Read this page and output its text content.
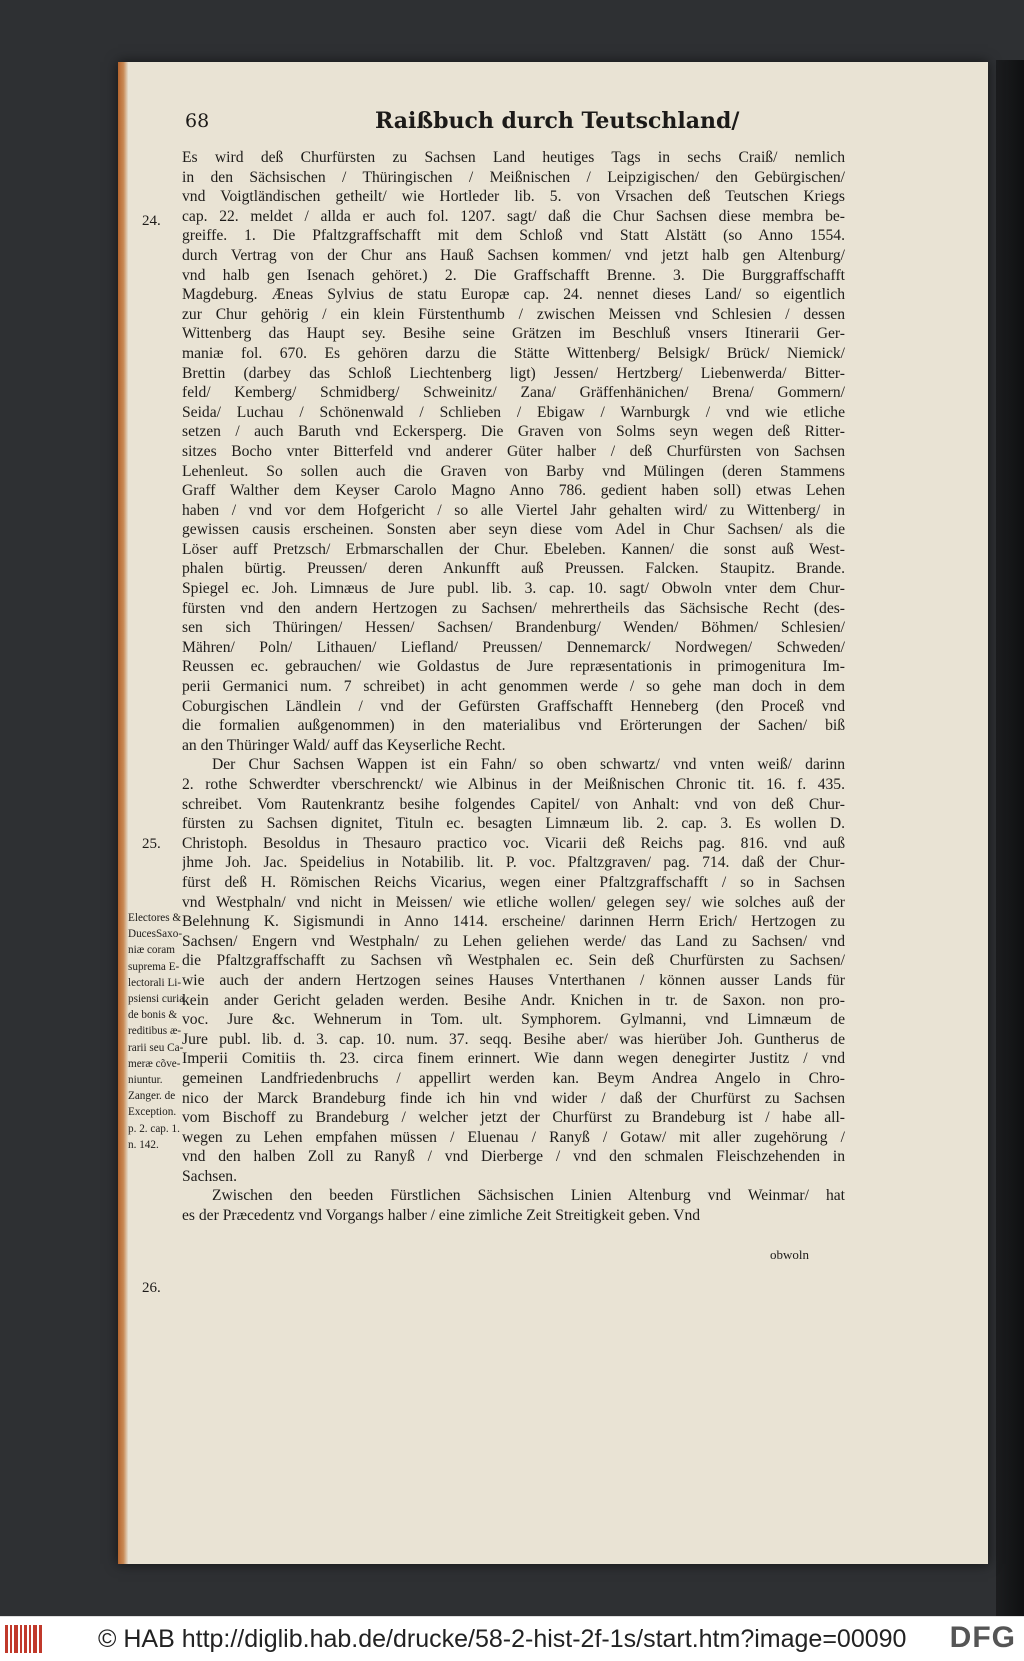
68	Raißbuch durch Teutschland/
24.
25.
26.
Es wird deß Churfürsten zu Sachsen Land heutiges Tags in sechs Craiß/ nemlich
in den Sächsischen / Thüringischen / Meißnischen / Leipzigischen/ den Gebürgischen/
vnd Voigtländischen getheilt/ wie Hortleder lib. 5. von Vrsachen deß Teutschen Kriegs
cap. 22. meldet / allda er auch fol. 1207. sagt/ daß die Chur Sachsen diese membra be-
greiffe. 1. Die Pfaltzgraffschafft mit dem Schloß vnd Statt Alstätt (so Anno 1554.
durch Vertrag von der Chur ans Hauß Sachsen kommen/ vnd jetzt halb gen Altenburg/
vnd halb gen Isenach gehöret.) 2. Die Graffschafft Brenne. 3. Die Burggraffschafft
Magdeburg. Æneas Sylvius de statu Europæ cap. 24. nennet dieses Land/ so eigentlich
zur Chur gehörig / ein klein Fürstenthumb / zwischen Meissen vnd Schlesien / dessen
Wittenberg das Haupt sey. Besihe seine Grätzen im Beschluß vnsers Itinerarii Ger-
maniæ fol. 670. Es gehören darzu die Stätte Wittenberg/ Belsigk/ Brück/ Niemick/
Brettin (darbey das Schloß Liechtenberg ligt) Jessen/ Hertzberg/ Liebenwerda/ Bitter-
feld/ Kemberg/ Schmidberg/ Schweinitz/ Zana/ Gräffenhänichen/ Brena/ Gommern/
Seida/ Luchau / Schönenwald / Schlieben / Ebigaw / Warnburgk / vnd wie etliche
setzen / auch Baruth vnd Eckersperg. Die Graven von Solms seyn wegen deß Ritter-
sitzes Bocho vnter Bitterfeld vnd anderer Güter halber / deß Churfürsten von Sachsen
Lehenleut. So sollen auch die Graven von Barby vnd Mülingen (deren Stammens
Graff Walther dem Keyser Carolo Magno Anno 786. gedient haben soll) etwas Lehen
haben / vnd vor dem Hofgericht / so alle Viertel Jahr gehalten wird/ zu Wittenberg/ in
gewissen causis erscheinen. Sonsten aber seyn diese vom Adel in Chur Sachsen/ als die
Löser auff Pretzsch/ Erbmarschallen der Chur. Ebeleben. Kannen/ die sonst auß West-
phalen bürtig. Preussen/ deren Ankunfft auß Preussen. Falcken. Staupitz. Brande.
Spiegel ec. Joh. Limnæus de Jure publ. lib. 3. cap. 10. sagt/ Obwoln vnter dem Chur-
fürsten vnd den andern Hertzogen zu Sachsen/ mehrertheils das Sächsische Recht (des-
sen sich Thüringen/ Hessen/ Sachsen/ Brandenburg/ Wenden/ Böhmen/ Schlesien/
Mähren/ Poln/ Lithauen/ Liefland/ Preussen/ Dennemarck/ Nordwegen/ Schweden/
Reussen ec. gebrauchen/ wie Goldastus de Jure repræsentationis in primogenitura Im-
perii Germanici num. 7 schreibet) in acht genommen werde / so gehe man doch in dem
Coburgischen Ländlein / vnd der Gefürsten Graffschafft Henneberg (den Proceß vnd
die formalien außgenommen) in den materialibus vnd Erörterungen der Sachen/ biß
an den Thüringer Wald/ auff das Keyserliche Recht.
Der Chur Sachsen Wappen ist ein Fahn/ so oben schwartz/ vnd vnten weiß/ darinn
2. rothe Schwerdter vberschrenckt/ wie Albinus in der Meißnischen Chronic tit. 16. f. 435.
schreibet. Vom Rautenkrantz besihe folgendes Capitel/ von Anhalt: vnd von deß Chur-
fürsten zu Sachsen dignitet, Tituln ec. besagten Limnæum lib. 2. cap. 3. Es wollen D.
Christoph. Besoldus in Thesauro practico voc. Vicarii deß Reichs pag. 816. vnd auß
jhme Joh. Jac. Speidelius in Notabilib. lit. P. voc. Pfaltzgraven/ pag. 714. daß der Chur-
fürst deß H. Römischen Reichs Vicarius, wegen einer Pfaltzgraffschafft / so in Sachsen
vnd Westphaln/ vnd nicht in Meissen/ wie etliche wollen/ gelegen sey/ wie solches auß der
Belehnung K. Sigismundi in Anno 1414. erscheine/ darinnen Herrn Erich/ Hertzogen zu
Sachsen/ Engern vnd Westphaln/ zu Lehen geliehen werde/ das Land zu Sachsen/ vnd
die Pfaltzgraffschafft zu Sachsen vñ Westphalen ec. Sein deß Churfürsten zu Sachsen/
wie auch der andern Hertzogen seines Hauses Vnterthanen / können ausser Lands für
kein ander Gericht geladen werden. Besihe Andr. Knichen in tr. de Saxon. non pro-
voc. Jure &c. Wehnerum in Tom. ult. Symphorem. Gylmanni, vnd Limnæum de
Jure publ. lib. d. 3. cap. 10. num. 37. seqq. Besihe aber/ was hierüber Joh. Guntherus de
Imperii Comitiis th. 23. circa finem erinnert. Wie dann wegen denegirter Justitz / vnd
gemeinen Landfriedenbruchs / appellirt werden kan. Beym Andrea Angelo in Chro-
nico der Marck Brandeburg finde ich hin vnd wider / daß der Churfürst zu Sachsen
vom Bischoff zu Brandeburg / welcher jetzt der Churfürst zu Brandeburg ist / habe all-
wegen zu Lehen empfahen müssen / Eluenau / Ranyß / Gotaw/ mit aller zugehörung /
vnd den halben Zoll zu Ranyß / vnd Dierberge / vnd den schmalen Fleischzehenden in
Sachsen.
Zwischen den beeden Fürstlichen Sächsischen Linien Altenburg vnd Weinmar/ hat
es der Præcedentz vnd Vorgangs halber / eine zimliche Zeit Streitigkeit geben. Vnd
Electores &
DucesSaxo-
niæ coram
suprema E-
lectorali Li-
psiensi curia
de bonis &
reditibus æ-
rarii seu Ca-
meræ cõve-
niuntur.
Zanger. de
Exception.
p. 2. cap. 1.
n. 142.
obwoln
© HAB http://diglib.hab.de/drucke/58-2-hist-2f-1s/start.htm?image=00090 DFG
